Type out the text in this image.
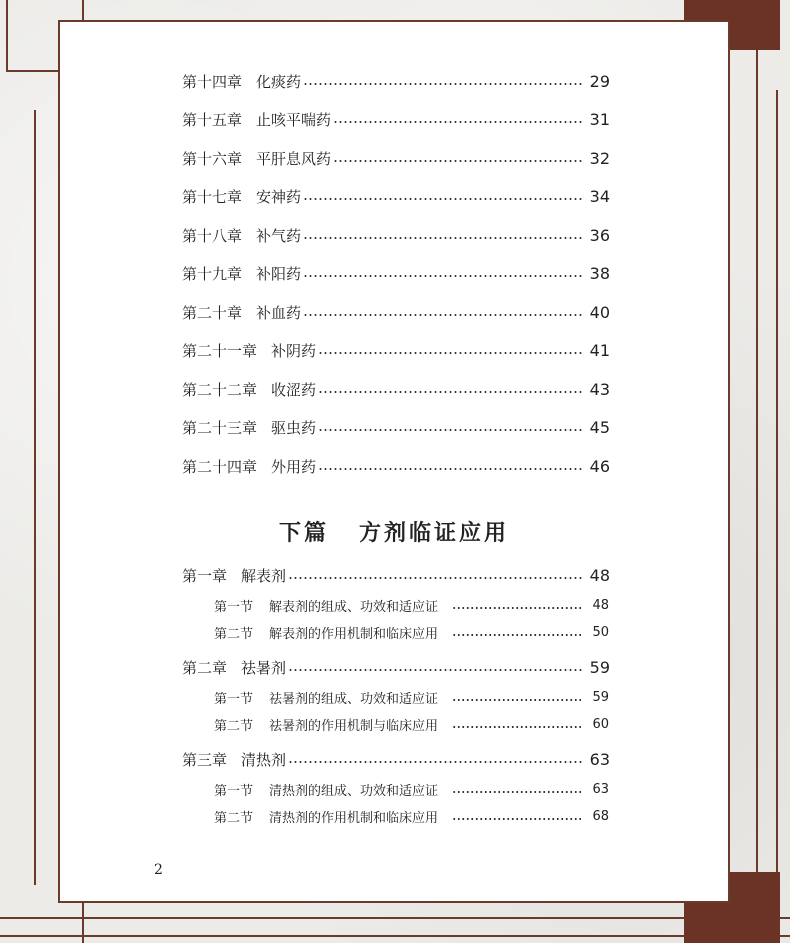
第十四章 化痰药	29
第十五章 止咳平喘药	31
第十六章 平肝息风药	32
第十七章 安神药	34
第十八章 补气药	36
第十九章 补阳药	38
第二十章 补血药	40
第二十一章 补阴药	41
第二十二章 收涩药	43
第二十三章 驱虫药	45
第二十四章 外用药	46
下篇 方剂临证应用
第一章 解表剂	48
第一节 解表剂的组成、功效和适应证	48
第二节 解表剂的作用机制和临床应用	50
第二章 祛暑剂	59
第一节 祛暑剂的组成、功效和适应证	59
第二节 祛暑剂的作用机制与临床应用	60
第三章 清热剂	63
第一节 清热剂的组成、功效和适应证	63
第二节 清热剂的作用机制和临床应用	68
2
